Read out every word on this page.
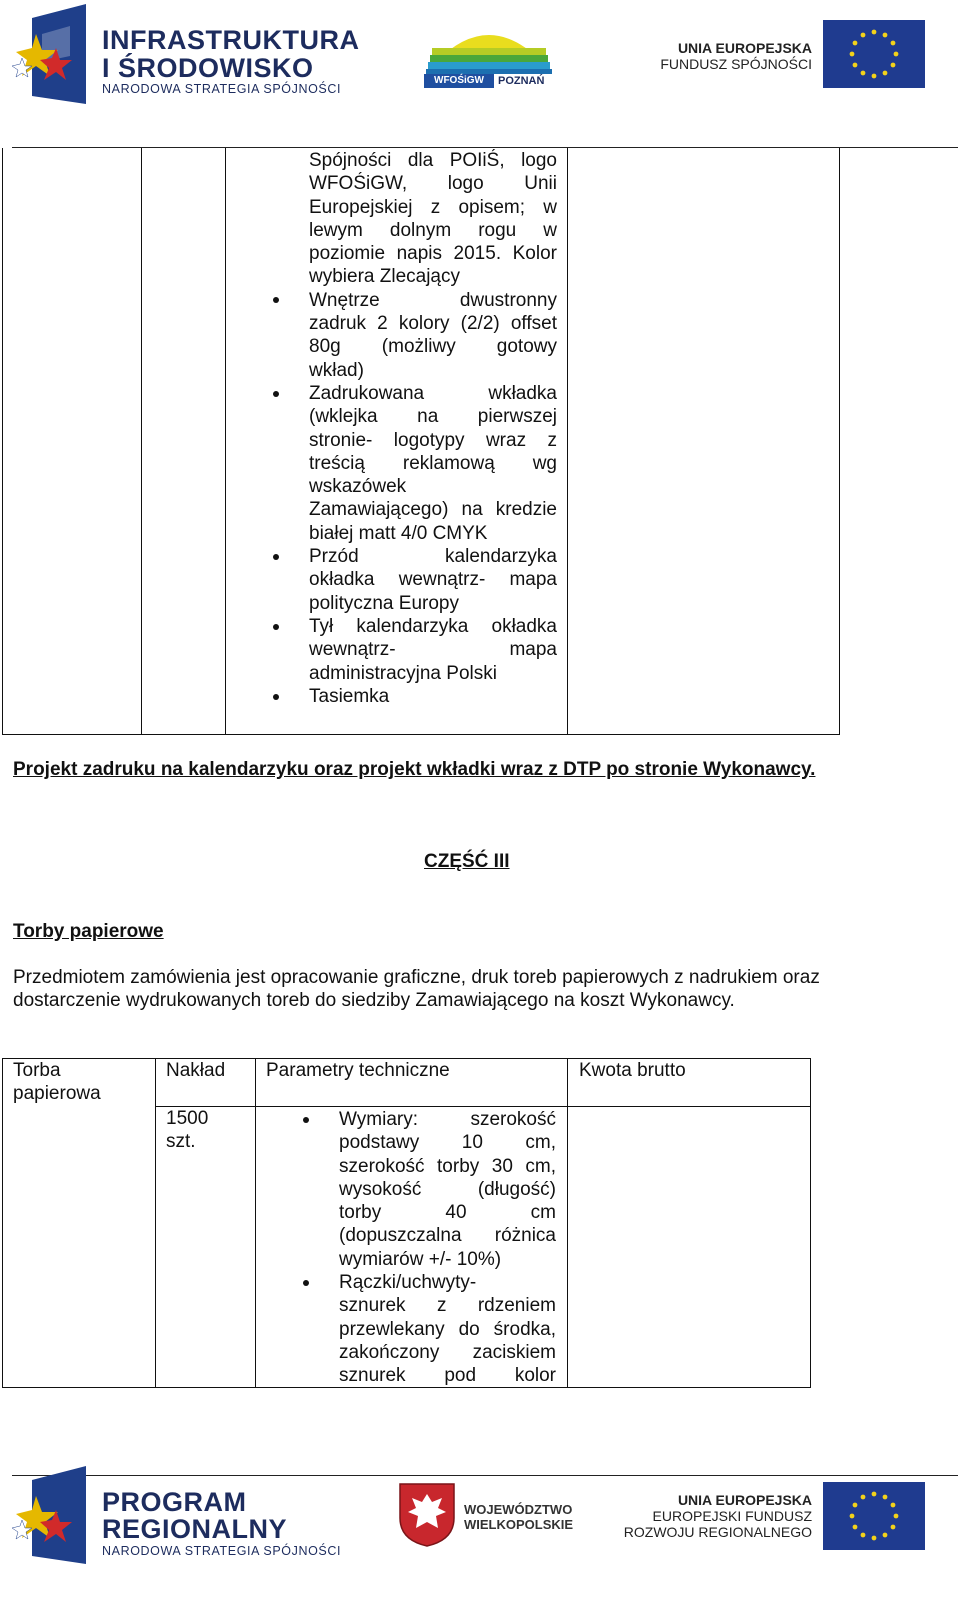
INFRASTRUKTURA
I ŚRODOWISKO
NARODOWA STRATEGIA SPÓJNOŚCI
WFOŚiGW	POZNAŃ
UNIA EUROPEJSKA
FUNDUSZ SPÓJNOŚCI
Spójności dla POIiŚ, logo
WFOŚiGW, logo Unii
Europejskiej z opisem; w
lewym dolnym rogu w
poziomie napis 2015. Kolor
wybiera Zlecający
Wnętrze dwustronny
zadruk 2 kolory (2/2) offset
80g (możliwy gotowy
wkład)
Zadrukowana wkładka
(wklejka na pierwszej
stronie- logotypy wraz z
treścią reklamową wg
wskazówek
Zamawiającego) na kredzie
białej matt 4/0 CMYK
Przód kalendarzyka
okładka wewnątrz- mapa
polityczna Europy
Tył kalendarzyka okładka
wewnątrz- mapa
administracyjna Polski
Tasiemka
Projekt zadruku na kalendarzyku oraz projekt wkładki wraz z DTP po stronie Wykonawcy.
CZĘŚĆ III
Torby papierowe
Przedmiotem zamówienia jest opracowanie graficzne, druk toreb papierowych z nadrukiem oraz
dostarczenie wydrukowanych toreb do siedziby Zamawiającego na koszt Wykonawcy.
Torba
papierowa
Nakład Parametry techniczne	Kwota brutto
1500
szt.
Wymiary: szerokość
podstawy 10 cm,
szerokość torby 30 cm,
wysokość (długość)
torby 40 cm
(dopuszczalna różnica
wymiarów +/- 10%)
Rączki/uchwyty-
sznurek z rdzeniem
przewlekany do środka,
zakończony zaciskiem
sznurek pod kolor
PROGRAM
REGIONALNY
NARODOWA STRATEGIA SPÓJNOŚCI
WOJEWÓDZTWO
WIELKOPOLSKIE
UNIA EUROPEJSKA
EUROPEJSKI FUNDUSZ
ROZWOJU REGIONALNEGO
